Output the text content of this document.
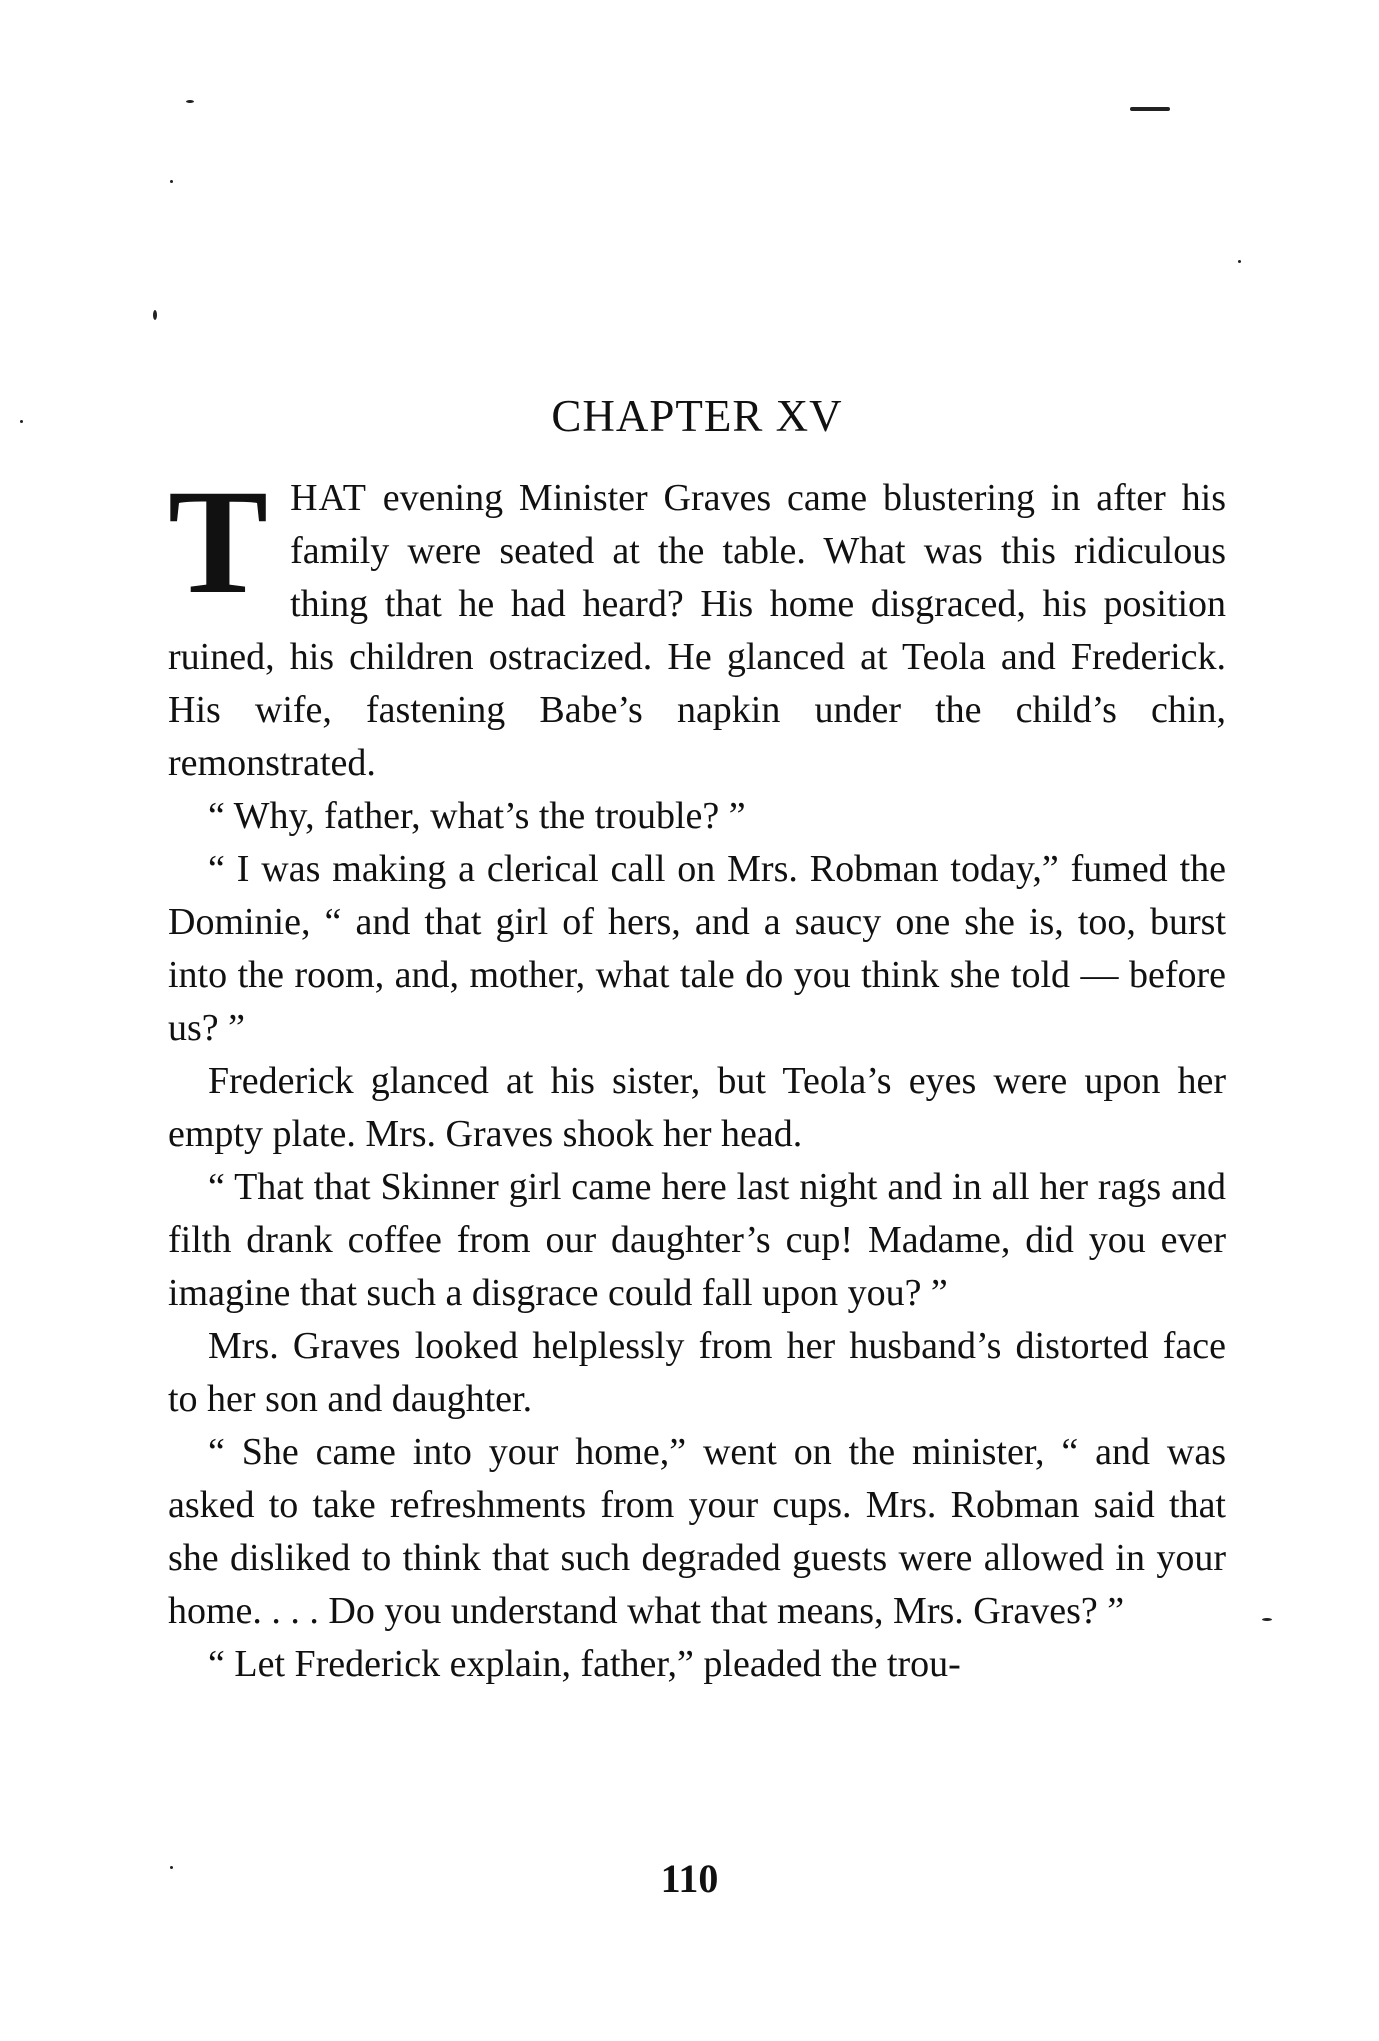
CHAPTER XV

THAT evening Minister Graves came blustering in after his family were seated at the table. What was this ridiculous thing that he had heard? His home disgraced, his position ruined, his children ostracized. He glanced at Teola and Frederick. His wife, fastening Babe’s napkin under the child’s chin, remonstrated.

“ Why, father, what’s the trouble? ”

“ I was making a clerical call on Mrs. Robman today,” fumed the Dominie, “ and that girl of hers, and a saucy one she is, too, burst into the room, and, mother, what tale do you think she told — before us? ”

Frederick glanced at his sister, but Teola’s eyes were upon her empty plate. Mrs. Graves shook her head.

“ That that Skinner girl came here last night and in all her rags and filth drank coffee from our daughter’s cup! Madame, did you ever imagine that such a disgrace could fall upon you? ”

Mrs. Graves looked helplessly from her husband’s distorted face to her son and daughter.

“ She came into your home,” went on the minister, “ and was asked to take refreshments from your cups. Mrs. Robman said that she disliked to think that such degraded guests were allowed in your home. . . . Do you understand what that means, Mrs. Graves? ”

“ Let Frederick explain, father,” pleaded the trou-

110
